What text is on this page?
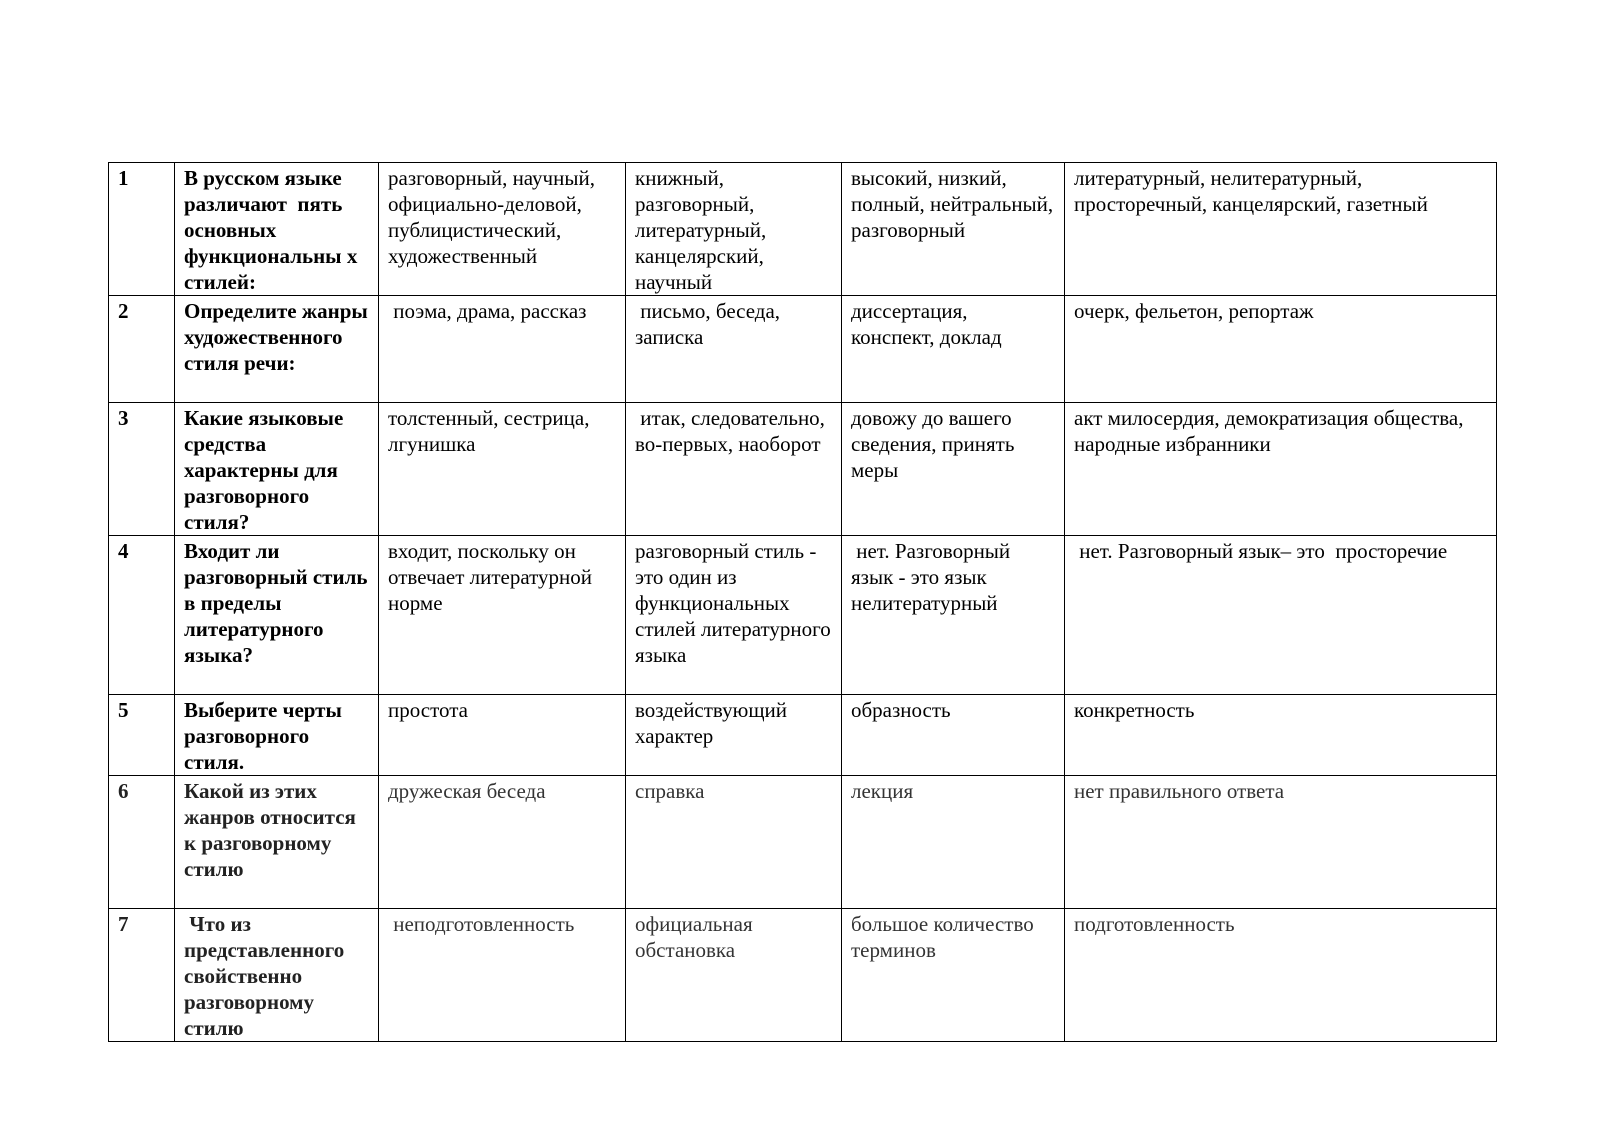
1	В русском языке различают  пять основных функциональны х стилей:	разговорный, научный, официально-деловой, публицистический, художественный	книжный, разговорный, литературный, канцелярский, научный	высокий, низкий, полный, нейтральный, разговорный	литературный, нелитературный, просторечный, канцелярский, газетный
2	Определите жанры художественного стиля речи:	поэма, драма, рассказ	письмо, беседа, записка	диссертация, конспект, доклад	очерк, фельетон, репортаж
3	Какие языковые средства характерны для разговорного стиля?	толстенный, сестрица, лгунишка	итак, следовательно, во-первых, наоборот	довожу до вашего сведения, принять меры	акт милосердия, демократизация общества,  народные избранники
4	Входит ли разговорный стиль в пределы литературного языка?	входит, поскольку он отвечает литературной норме	разговорный стиль - это один из функциональных стилей литературного языка	нет. Разговорный язык - это язык нелитературный	нет. Разговорный язык– это  просторечие
5	Выберите черты разговорного стиля.	простота	воздействующий характер	образность	конкретность
6	Какой из этих жанров относится к разговорному стилю	дружеская беседа	справка	лекция	нет правильного ответа
7	Что из представленного свойственно разговорному стилю	неподготовленность	официальная обстановка	большое количество терминов	подготовленность
